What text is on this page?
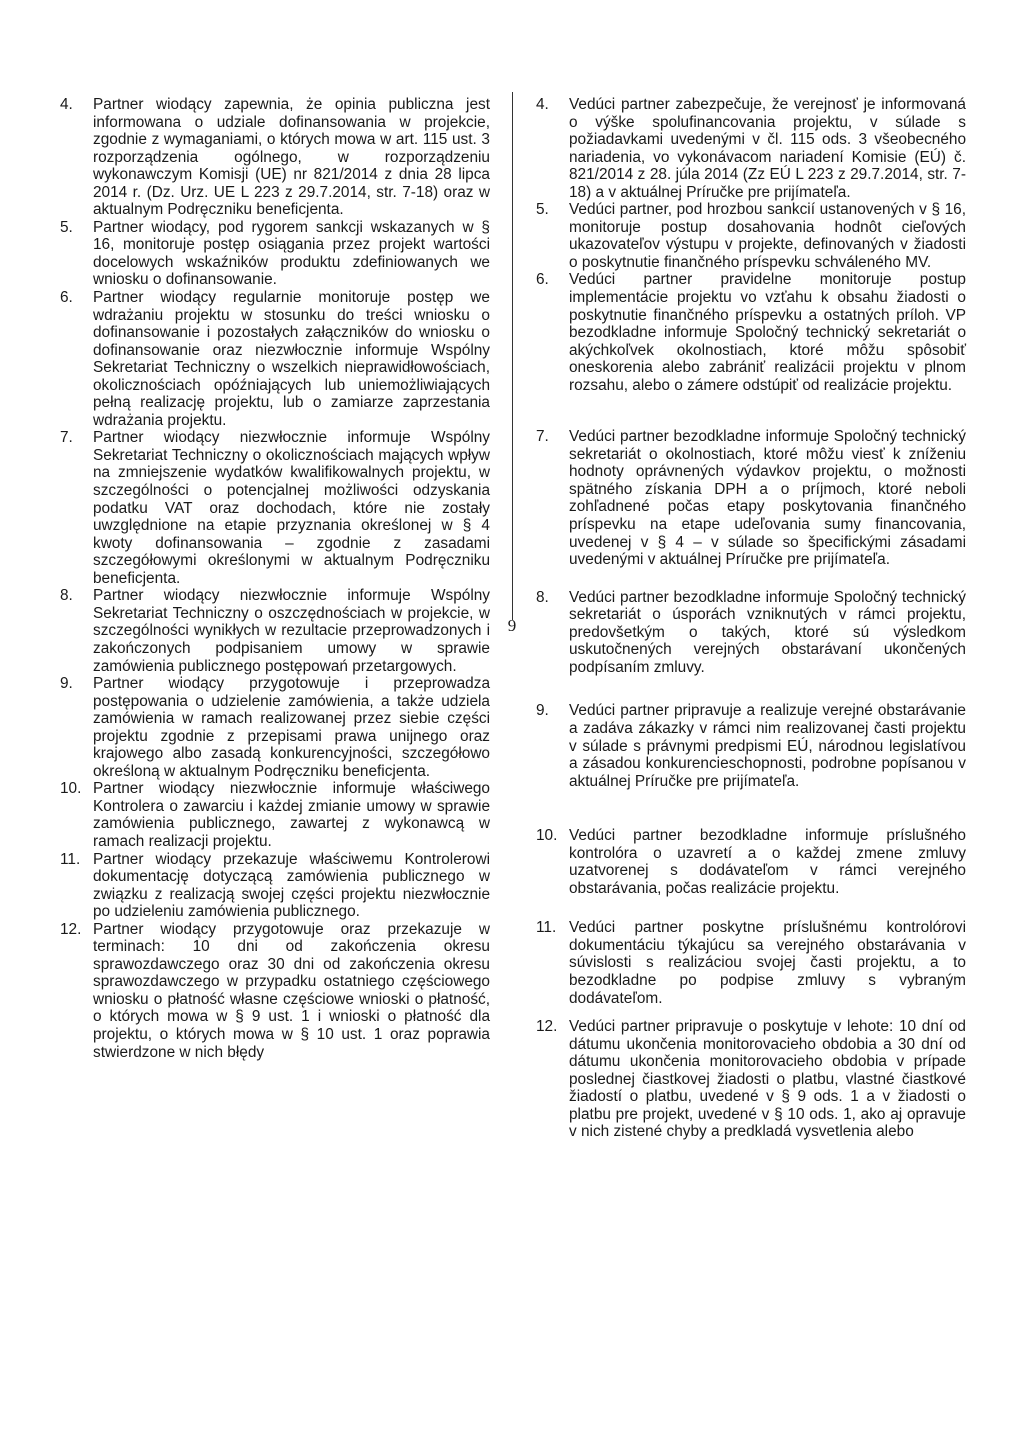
4. Partner wiodący zapewnia, że opinia publiczna jest informowana o udziale dofinansowania w projekcie, zgodnie z wymaganiami, o których mowa w art. 115 ust. 3 rozporządzenia ogólnego, w rozporządzeniu wykonawczym Komisji (UE) nr 821/2014 z dnia 28 lipca 2014 r. (Dz. Urz. UE L 223 z 29.7.2014, str. 7-18) oraz w aktualnym Podręczniku beneficjenta.
5. Partner wiodący, pod rygorem sankcji wskazanych w § 16, monitoruje postęp osiągania przez projekt wartości docelowych wskaźników produktu zdefiniowanych we wniosku o dofinansowanie.
6. Partner wiodący regularnie monitoruje postęp we wdrażaniu projektu w stosunku do treści wniosku o dofinansowanie i pozostałych załączników do wniosku o dofinansowanie oraz niezwłocznie informuje Wspólny Sekretariat Techniczny o wszelkich nieprawidłowościach, okolicznościach opóźniających lub uniemożliwiających pełną realizację projektu, lub o zamiarze zaprzestania wdrażania projektu.
7. Partner wiodący niezwłocznie informuje Wspólny Sekretariat Techniczny o okolicznościach mających wpływ na zmniejszenie wydatków kwalifikowalnych projektu, w szczególności o potencjalnej możliwości odzyskania podatku VAT oraz dochodach, które nie zostały uwzględnione na etapie przyznania określonej w § 4 kwoty dofinansowania – zgodnie z zasadami szczegółowymi określonymi w aktualnym Podręczniku beneficjenta.
8. Partner wiodący niezwłocznie informuje Wspólny Sekretariat Techniczny o oszczędnościach w projekcie, w szczególności wynikłych w rezultacie przeprowadzonych i zakończonych podpisaniem umowy w sprawie zamówienia publicznego postępowań przetargowych.
9. Partner wiodący przygotowuje i przeprowadza postępowania o udzielenie zamówienia, a także udziela zamówienia w ramach realizowanej przez siebie części projektu zgodnie z przepisami prawa unijnego oraz krajowego albo zasadą konkurencyjności, szczegółowo określoną w aktualnym Podręczniku beneficjenta.
10. Partner wiodący niezwłocznie informuje właściwego Kontrolera o zawarciu i każdej zmianie umowy w sprawie zamówienia publicznego, zawartej z wykonawcą w ramach realizacji projektu.
11. Partner wiodący przekazuje właściwemu Kontrolerowi dokumentację dotyczącą zamówienia publicznego w związku z realizacją swojej części projektu niezwłocznie po udzieleniu zamówienia publicznego.
12. Partner wiodący przygotowuje oraz przekazuje w terminach: 10 dni od zakończenia okresu sprawozdawczego oraz 30 dni od zakończenia okresu sprawozdawczego w przypadku ostatniego częściowego wniosku o płatność własne częściowe wnioski o płatność, o których mowa w § 9 ust. 1 i wnioski o płatność dla projektu, o których mowa w § 10 ust. 1 oraz poprawia stwierdzone w nich błędy
9
4. Vedúci partner zabezpečuje, že verejnosť je informovaná o výške spolufinancovania projektu, v súlade s požiadavkami uvedenými v čl. 115 ods. 3 všeobecného nariadenia, vo vykonávacom nariadení Komisie (EÚ) č. 821/2014 z 28. júla 2014 (Zz EÚ L 223 z 29.7.2014, str. 7-18) a v aktuálnej Príručke pre prijímateľa.
5. Vedúci partner, pod hrozbou sankcií ustanovených v § 16, monitoruje postup dosahovania hodnôt cieľových ukazovateľov výstupu v projekte, definovaných v žiadosti o poskytnutie finančného príspevku schváleného MV.
6. Vedúci partner pravidelne monitoruje postup implementácie projektu vo vzťahu k obsahu žiadosti o poskytnutie finančného príspevku a ostatných príloh. VP bezodkladne informuje Spoločný technický sekretariát o akýchkoľvek okolnostiach, ktoré môžu spôsobiť oneskorenia alebo zabrániť realizácii projektu v plnom rozsahu, alebo o zámere odstúpiť od realizácie projektu.
7. Vedúci partner bezodkladne informuje Spoločný technický sekretariát o okolnostiach, ktoré môžu viesť k zníženiu hodnoty oprávnených výdavkov projektu, o možnosti spätného získania DPH a o príjmoch, ktoré neboli zohľadnené počas etapy poskytovania finančného príspevku na etape udeľovania sumy financovania, uvedenej v § 4 – v súlade so špecifickými zásadami uvedenými v aktuálnej Príručke pre prijímateľa.
8. Vedúci partner bezodkladne informuje Spoločný technický sekretariát o úsporách vzniknutých v rámci projektu, predovšetkým o takých, ktoré sú výsledkom uskutočnených verejných obstarávaní ukončených podpísaním zmluvy.
9. Vedúci partner pripravuje a realizuje verejné obstarávanie a zadáva zákazky v rámci nim realizovanej časti projektu v súlade s právnymi predpismi EÚ, národnou legislatívou a zásadou konkurencieschopnosti, podrobne popísanou v aktuálnej Príručke pre prijímateľa.
10. Vedúci partner bezodkladne informuje príslušného kontrolóra o uzavretí a o každej zmene zmluvy uzatvorenej s dodávateľom v rámci verejného obstarávania, počas realizácie projektu.
11. Vedúci partner poskytne príslušnému kontrolórovi dokumentáciu týkajúcu sa verejného obstarávania v súvislosti s realizáciou svojej časti projektu, a to bezodkladne po podpise zmluvy s vybraným dodávateľom.
12. Vedúci partner pripravuje o poskytuje v lehote: 10 dní od dátumu ukončenia monitorovacieho obdobia a 30 dní od dátumu ukončenia monitorovacieho obdobia v prípade poslednej čiastkovej žiadosti o platbu, vlastné čiastkové žiadostí o platbu, uvedené v § 9 ods. 1 a v žiadosti o platbu pre projekt, uvedené v § 10 ods. 1, ako aj opravuje v nich zistené chyby a predkladá vysvetlenia alebo
